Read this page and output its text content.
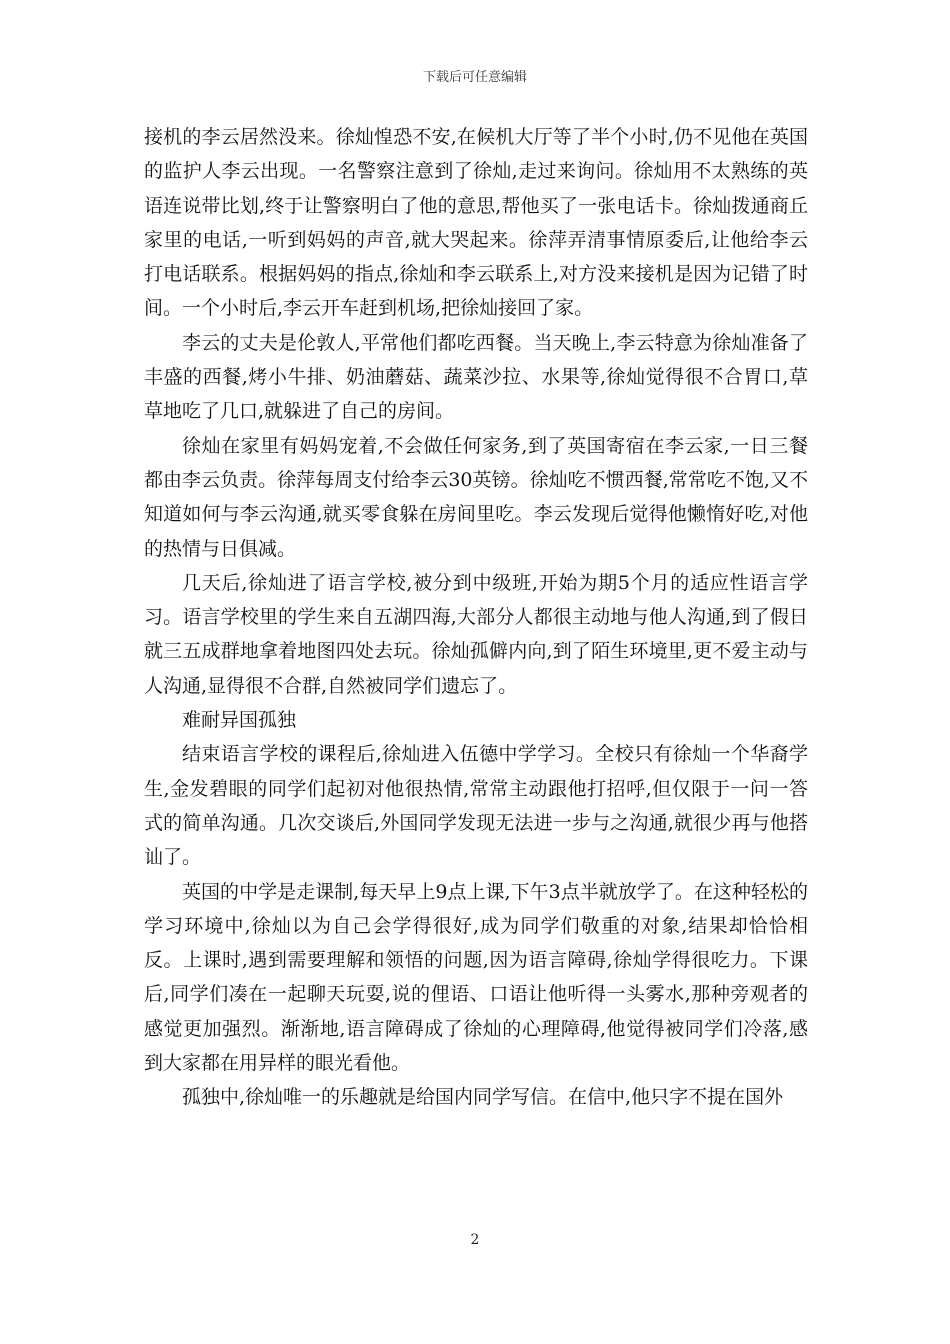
下载后可任意编辑

接机的李云居然没来。徐灿惶恐不安,在候机大厅等了半个小时,仍不见他在英国的监护人李云出现。一名警察注意到了徐灿,走过来询问。徐灿用不太熟练的英语连说带比划,终于让警察明白了他的意思,帮他买了一张电话卡。徐灿拨通商丘家里的电话,一听到妈妈的声音,就大哭起来。徐萍弄清事情原委后,让他给李云打电话联系。根据妈妈的指点,徐灿和李云联系上,对方没来接机是因为记错了时间。一个小时后,李云开车赶到机场,把徐灿接回了家。

李云的丈夫是伦敦人,平常他们都吃西餐。当天晚上,李云特意为徐灿准备了丰盛的西餐,烤小牛排、奶油蘑菇、蔬菜沙拉、水果等,徐灿觉得很不合胃口,草草地吃了几口,就躲进了自己的房间。

徐灿在家里有妈妈宠着,不会做任何家务,到了英国寄宿在李云家,一日三餐都由李云负责。徐萍每周支付给李云30英镑。徐灿吃不惯西餐,常常吃不饱,又不知道如何与李云沟通,就买零食躲在房间里吃。李云发现后觉得他懒惰好吃,对他的热情与日俱减。

几天后,徐灿进了语言学校,被分到中级班,开始为期5个月的适应性语言学习。语言学校里的学生来自五湖四海,大部分人都很主动地与他人沟通,到了假日就三五成群地拿着地图四处去玩。徐灿孤僻内向,到了陌生环境里,更不爱主动与人沟通,显得很不合群,自然被同学们遗忘了。

难耐异国孤独

结束语言学校的课程后,徐灿进入伍德中学学习。全校只有徐灿一个华裔学生,金发碧眼的同学们起初对他很热情,常常主动跟他打招呼,但仅限于一问一答式的简单沟通。几次交谈后,外国同学发现无法进一步与之沟通,就很少再与他搭讪了。

英国的中学是走课制,每天早上9点上课,下午3点半就放学了。在这种轻松的学习环境中,徐灿以为自己会学得很好,成为同学们敬重的对象,结果却恰恰相反。上课时,遇到需要理解和领悟的问题,因为语言障碍,徐灿学得很吃力。下课后,同学们凑在一起聊天玩耍,说的俚语、口语让他听得一头雾水,那种旁观者的感觉更加强烈。渐渐地,语言障碍成了徐灿的心理障碍,他觉得被同学们冷落,感到大家都在用异样的眼光看他。

孤独中,徐灿唯一的乐趣就是给国内同学写信。在信中,他只字不提在国外

2
